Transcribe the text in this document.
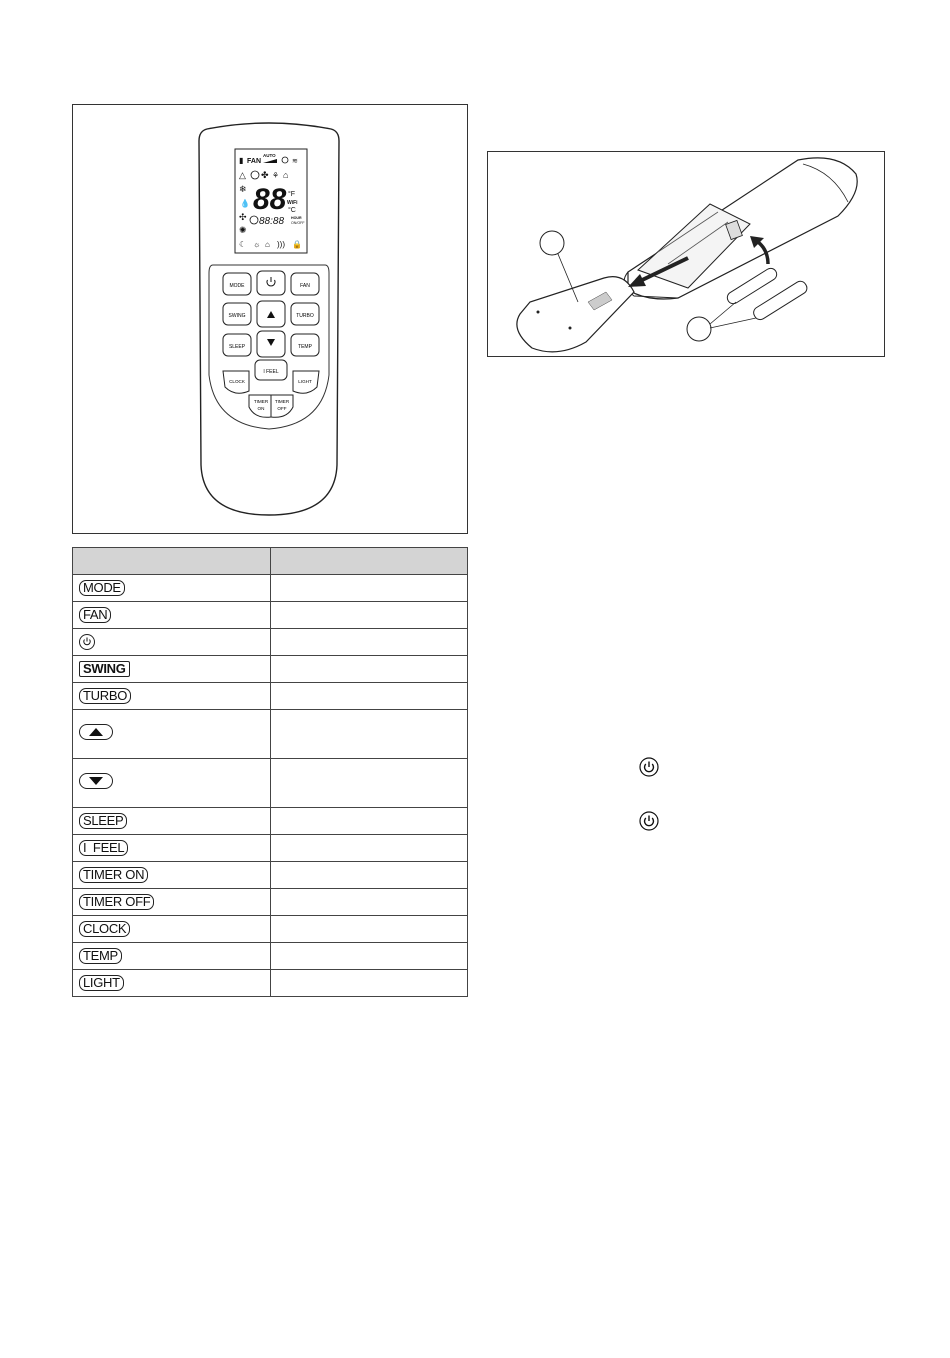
▮ FAN
AUTO
≋
△
❄
💧
✣
✺
✤ ⚘ ⌂
88 °F
WiFi
°C
88:88 HOUR
ON/OFF
☾ ☼ ⌂ ))) 🔒
MODE	FAN
SWING	TURBO
SLEEP	TEMP
I FEEL
CLOCK	LIGHT
TIMER
ON
TIMER
OFF

MODE	
FAN	

SWING	
TURBO	

SLEEP	
I  FEEL	
TIMER ON	
TIMER OFF	
CLOCK	
TEMP	
LIGHT	
